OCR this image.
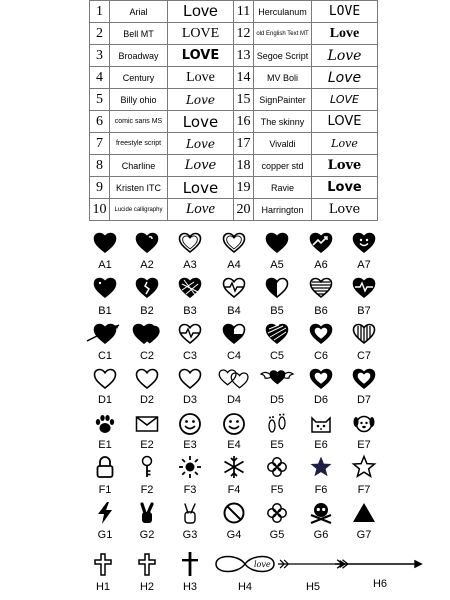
1	Arial	Love	11	Herculanum	LOVE
2	Bell MT	LOVE	12	old English Text MT	Love
3	Broadway	LOVE	13	Segoe Script	Love
4	Century	Love	14	MV Boli	Love
5	Billy ohio	Love	15	SignPainter	LOVE
6	comic sans MS	Love	16	The skinny	LOVE
7	freestyle script	Love	17	Vivaldi	Love
8	Charline	Love	18	copper std	Love
9	Kristen ITC	Love	19	Ravie	Love
10	Lucide calligraphy	Love	20	Harrington	Love
A1	A2	A3	A4	A5	A6	A7
B1	B2	B3	B4	B5	B6	B7
C1	C2	C3	C4	C5	C6	C7
D1	D2	D3	D4	D5	D6	D7
E1	E2	E3	E4	E5	E6	E7
F1	F2	F3	F4	F5	F6	F7
G1	G2	G3	G4	G5	G6	G7
H1	H2	H3
love
H4	H5	H6
